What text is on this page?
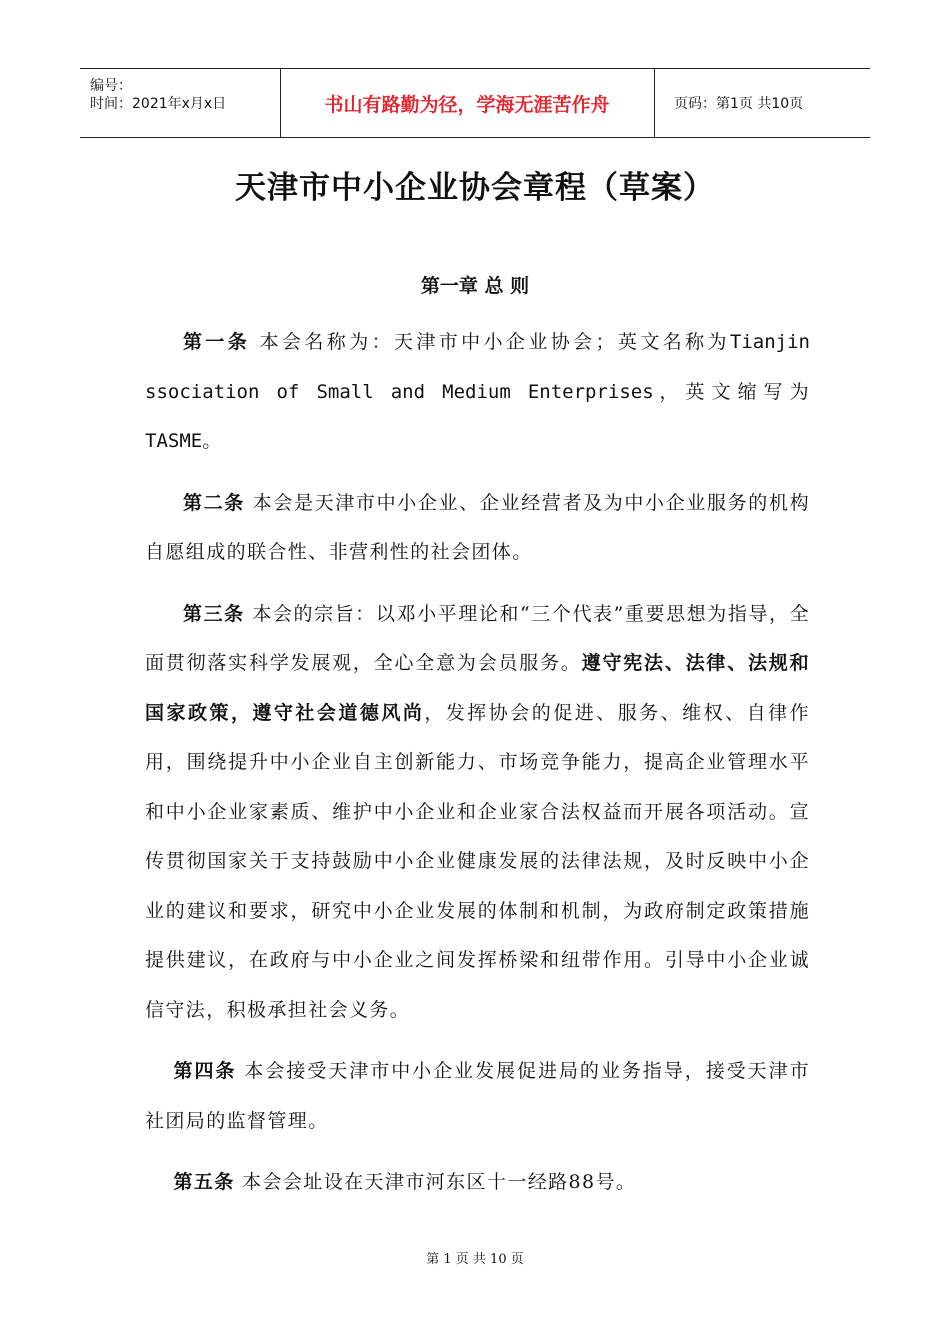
编号：
时间：2021年x月x日	书山有路勤为径，学海无涯苦作舟	页码：第1页 共10页
天津市中小企业协会章程（草案）
第一章 总 则

第一条 本会名称为：天津市中小企业协会；英文名称为Tianjin ssociation of Small and Medium Enterprises，英文缩写为TASME。

第二条 本会是天津市中小企业、企业经营者及为中小企业服务的机构自愿组成的联合性、非营利性的社会团体。

第三条 本会的宗旨：以邓小平理论和“三个代表”重要思想为指导，全面贯彻落实科学发展观，全心全意为会员服务。遵守宪法、法律、法规和国家政策，遵守社会道德风尚，发挥协会的促进、服务、维权、自律作用，围绕提升中小企业自主创新能力、市场竞争能力，提高企业管理水平和中小企业家素质、维护中小企业和企业家合法权益而开展各项活动。宣传贯彻国家关于支持鼓励中小企业健康发展的法律法规，及时反映中小企业的建议和要求，研究中小企业发展的体制和机制，为政府制定政策措施提供建议，在政府与中小企业之间发挥桥梁和纽带作用。引导中小企业诚信守法，积极承担社会义务。

第四条 本会接受天津市中小企业发展促进局的业务指导，接受天津市社团局的监督管理。

第五条 本会会址设在天津市河东区十一经路88号。

第 1 页 共 10 页
